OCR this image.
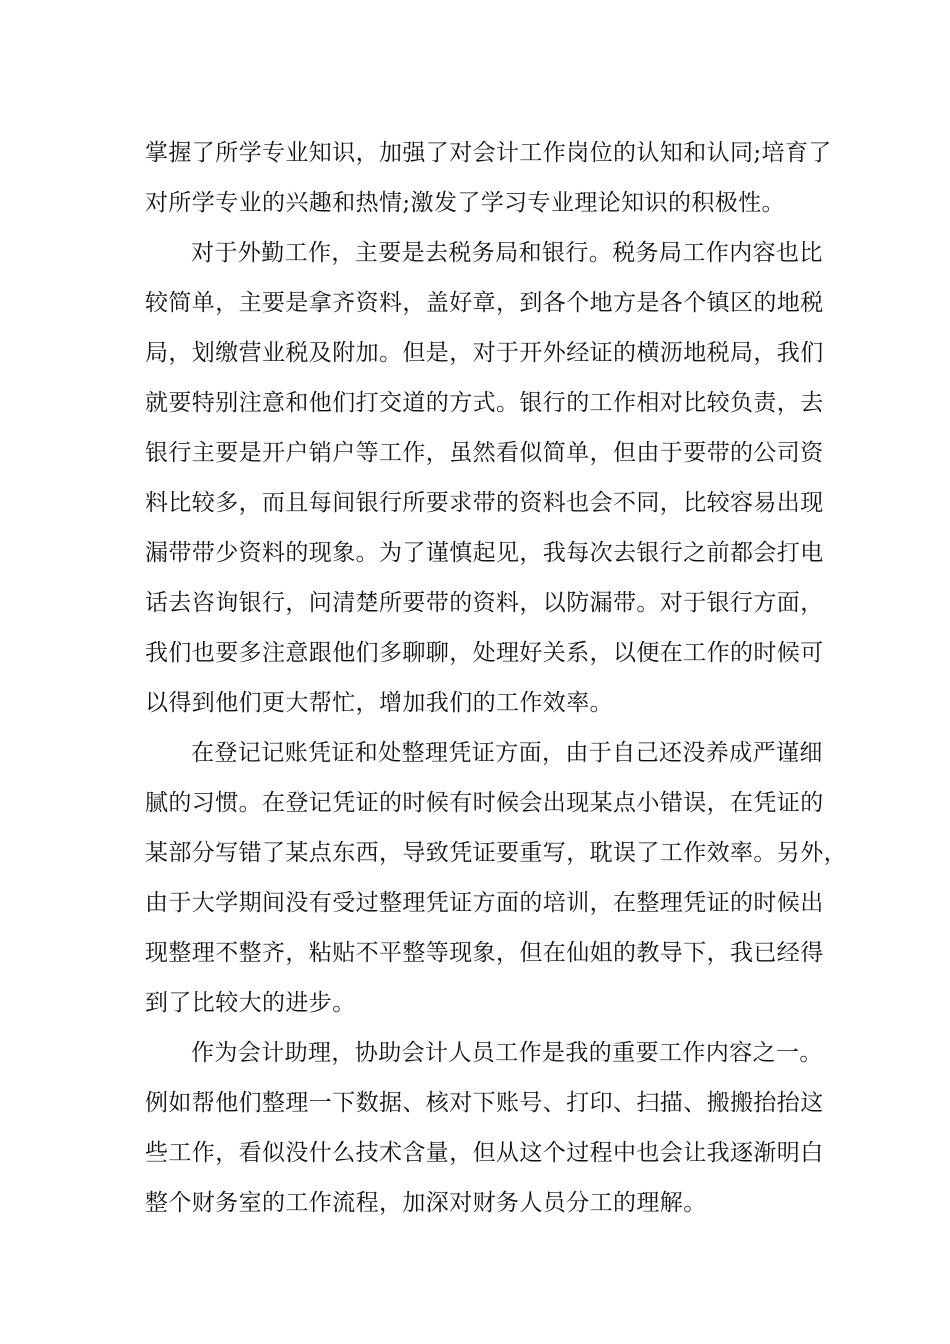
掌握了所学专业知识，加强了对会计工作岗位的认知和认同;培育了
对所学专业的兴趣和热情;激发了学习专业理论知识的积极性。
对于外勤工作，主要是去税务局和银行。税务局工作内容也比
较简单，主要是拿齐资料，盖好章，到各个地方是各个镇区的地税
局，划缴营业税及附加。但是，对于开外经证的横沥地税局，我们
就要特别注意和他们打交道的方式。银行的工作相对比较负责，去
银行主要是开户销户等工作，虽然看似简单，但由于要带的公司资
料比较多，而且每间银行所要求带的资料也会不同，比较容易出现
漏带带少资料的现象。为了谨慎起见，我每次去银行之前都会打电
话去咨询银行，问清楚所要带的资料，以防漏带。对于银行方面，
我们也要多注意跟他们多聊聊，处理好关系，以便在工作的时候可
以得到他们更大帮忙，增加我们的工作效率。
在登记记账凭证和处整理凭证方面，由于自己还没养成严谨细
腻的习惯。在登记凭证的时候有时候会出现某点小错误，在凭证的
某部分写错了某点东西，导致凭证要重写，耽误了工作效率。另外，
由于大学期间没有受过整理凭证方面的培训，在整理凭证的时候出
现整理不整齐，粘贴不平整等现象，但在仙姐的教导下，我已经得
到了比较大的进步。
作为会计助理，协助会计人员工作是我的重要工作内容之一。
例如帮他们整理一下数据、核对下账号、打印、扫描、搬搬抬抬这
些工作，看似没什么技术含量，但从这个过程中也会让我逐渐明白
整个财务室的工作流程，加深对财务人员分工的理解。
